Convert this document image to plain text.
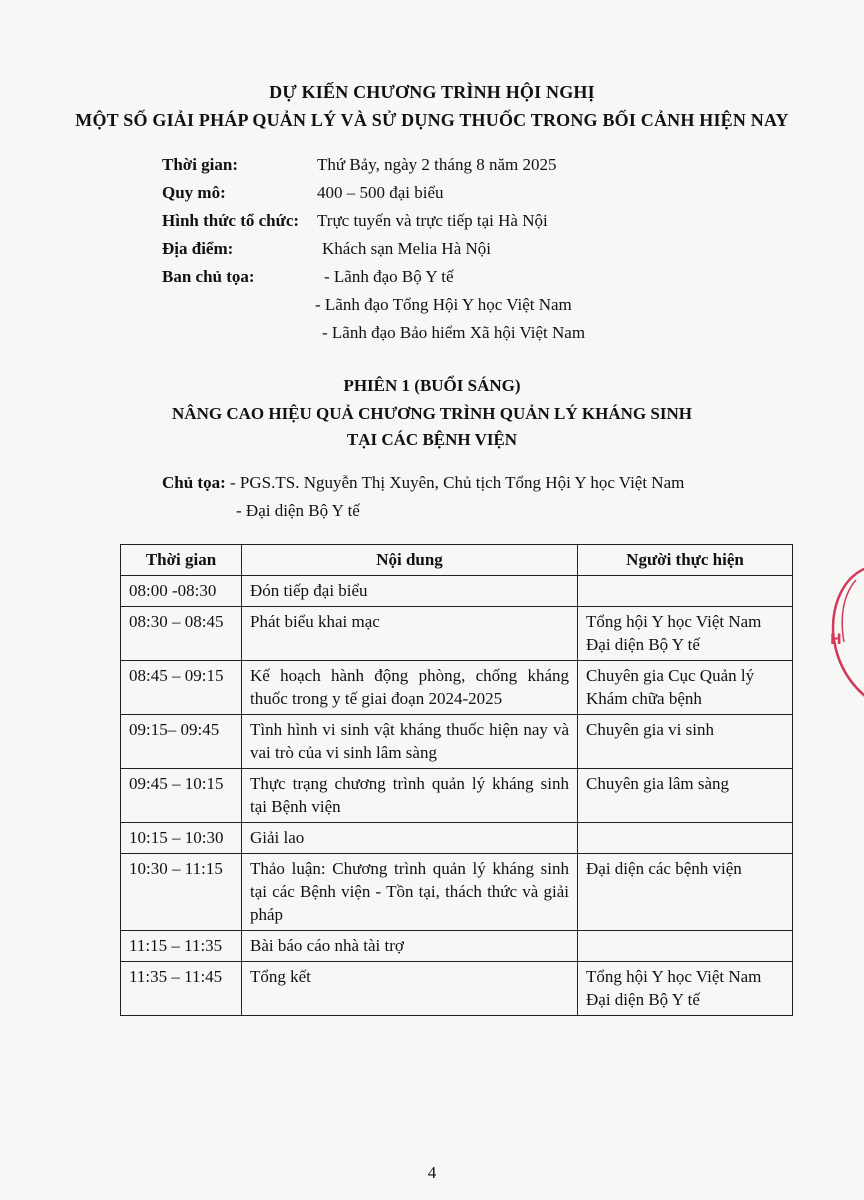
DỰ KIẾN CHƯƠNG TRÌNH HỘI NGHỊ
MỘT SỐ GIẢI PHÁP QUẢN LÝ VÀ SỬ DỤNG THUỐC TRONG BỐI CẢNH HIỆN NAY
Thời gian:	Thứ Bảy, ngày 2 tháng 8 năm 2025
Quy mô:	400 – 500 đại biểu
Hình thức tổ chức: Trực tuyến và trực tiếp tại Hà Nội
Địa điểm:	Khách sạn Melia Hà Nội
Ban chủ tọa:	- Lãnh đạo Bộ Y tế
- Lãnh đạo Tổng Hội Y học Việt Nam
- Lãnh đạo Bảo hiểm Xã hội Việt Nam
PHIÊN 1 (BUỔI SÁNG)
NÂNG CAO HIỆU QUẢ CHƯƠNG TRÌNH QUẢN LÝ KHÁNG SINH
TẠI CÁC BỆNH VIỆN
Chủ tọa: - PGS.TS. Nguyễn Thị Xuyên, Chủ tịch Tổng Hội Y học Việt Nam
- Đại diện Bộ Y tế
Thời gian	Nội dung	Người thực hiện
08:00 -08:30	Đón tiếp đại biểu	
08:30 – 08:45	Phát biểu khai mạc	Tổng hội Y học Việt Nam
Đại diện Bộ Y tế
08:45 – 09:15	Kế hoạch hành động phòng, chống kháng thuốc trong y tế giai đoạn 2024-2025	Chuyên gia Cục Quản lý Khám chữa bệnh
09:15– 09:45	Tình hình vi sinh vật kháng thuốc hiện nay và vai trò của vi sinh lâm sàng	Chuyên gia vi sinh
09:45 – 10:15	Thực trạng chương trình quản lý kháng sinh tại Bệnh viện	Chuyên gia lâm sàng
10:15 – 10:30	Giải lao	
10:30 – 11:15	Thảo luận: Chương trình quản lý kháng sinh tại các Bệnh viện - Tồn tại, thách thức và giải pháp	Đại diện các bệnh viện
11:15 – 11:35	Bài báo cáo nhà tài trợ	
11:35 – 11:45	Tổng kết	Tổng hội Y học Việt Nam
Đại diện Bộ Y tế
4
H
